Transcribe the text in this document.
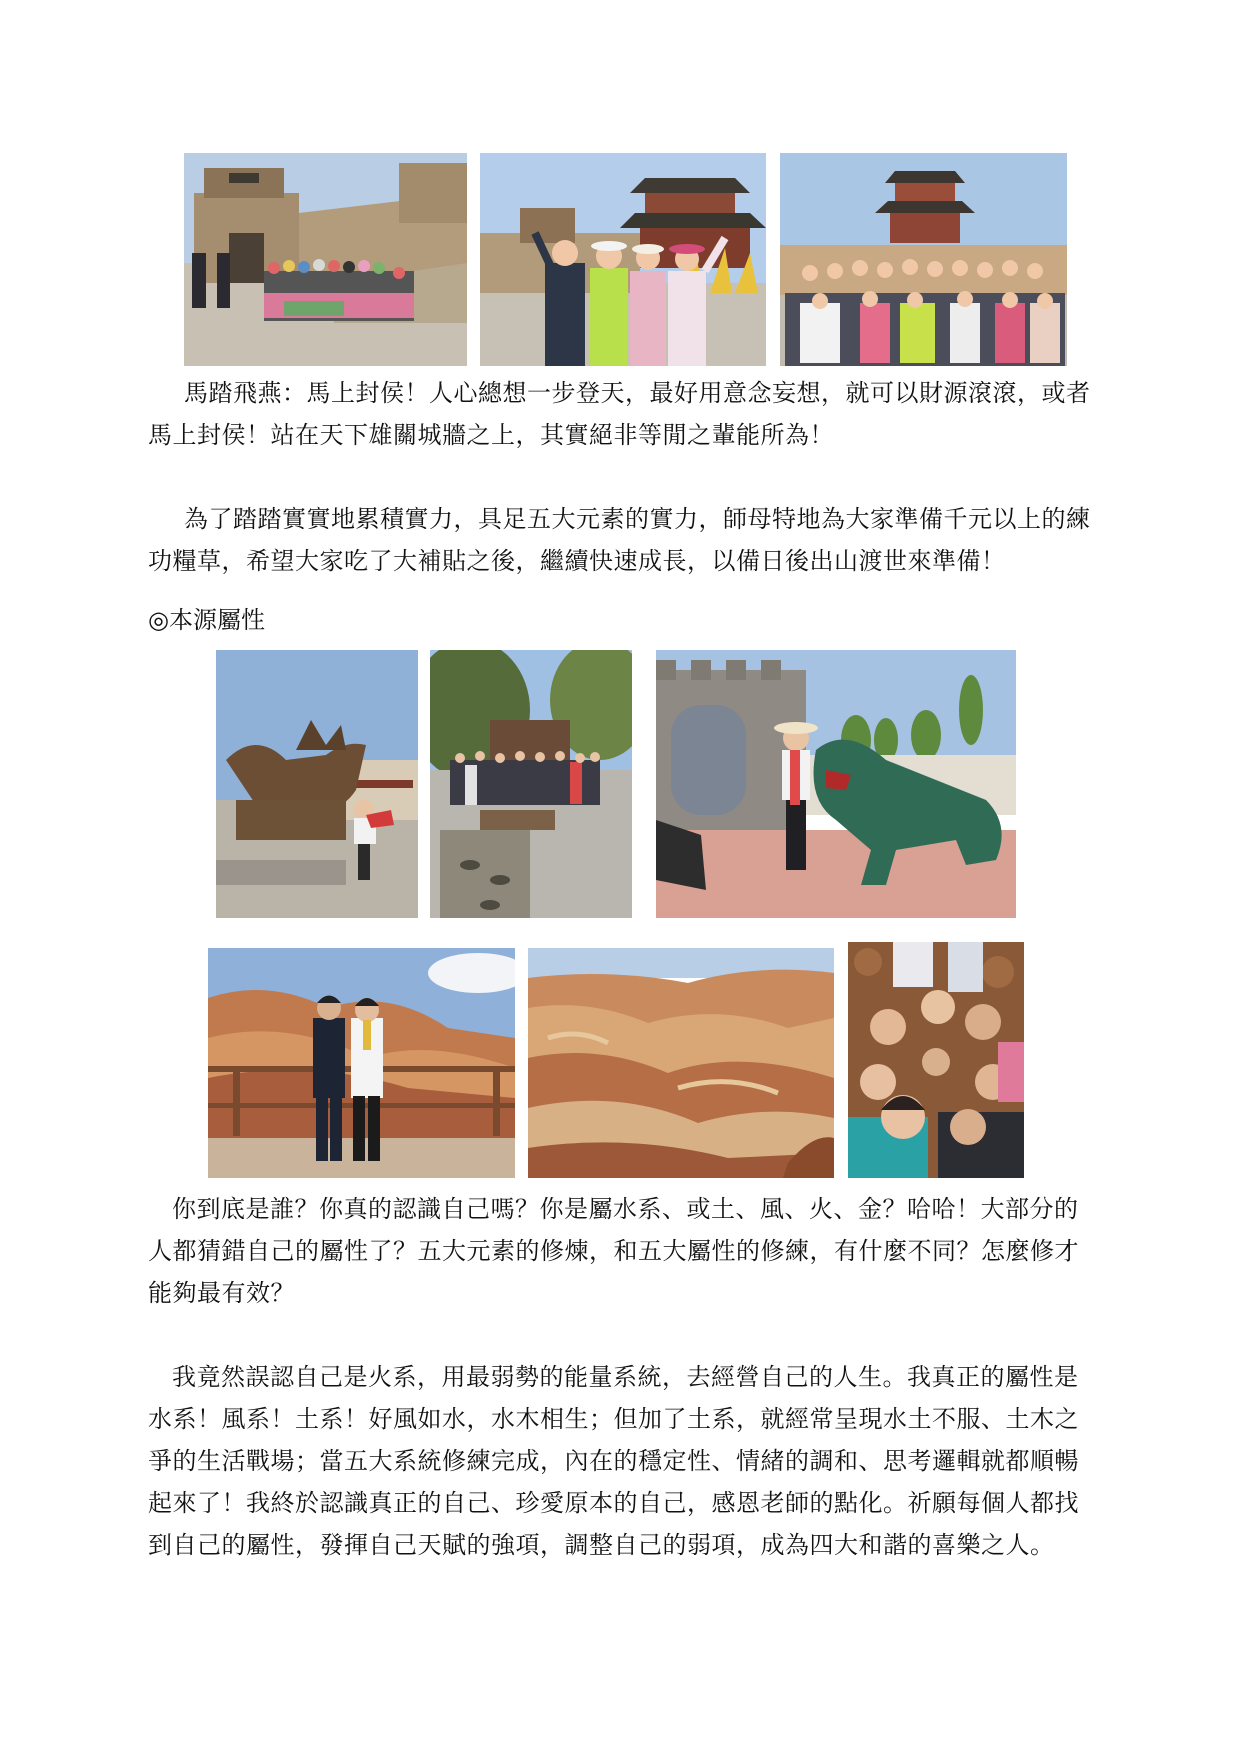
馬踏飛燕：馬上封侯！人心總想一步登天，最好用意念妄想，就可以財源滾滾，或者馬上封侯！站在天下雄關城牆之上，其實絕非等閒之輩能所為！

為了踏踏實實地累積實力，具足五大元素的實力，師母特地為大家準備千元以上的練功糧草，希望大家吃了大補貼之後，繼續快速成長，以備日後出山渡世來準備！

◎本源屬性

你到底是誰？你真的認識自己嗎？你是屬水系、或土、風、火、金？哈哈！大部分的人都猜錯自己的屬性了？五大元素的修煉，和五大屬性的修練，有什麼不同？怎麼修才能夠最有效？

我竟然誤認自己是火系，用最弱勢的能量系統，去經營自己的人生。我真正的屬性是水系！風系！土系！好風如水，水木相生；但加了土系，就經常呈現水土不服、土木之爭的生活戰場；當五大系統修練完成，內在的穩定性、情緒的調和、思考邏輯就都順暢起來了！我終於認識真正的自己、珍愛原本的自己，感恩老師的點化。祈願每個人都找到自己的屬性，發揮自己天賦的強項，調整自己的弱項，成為四大和諧的喜樂之人。
